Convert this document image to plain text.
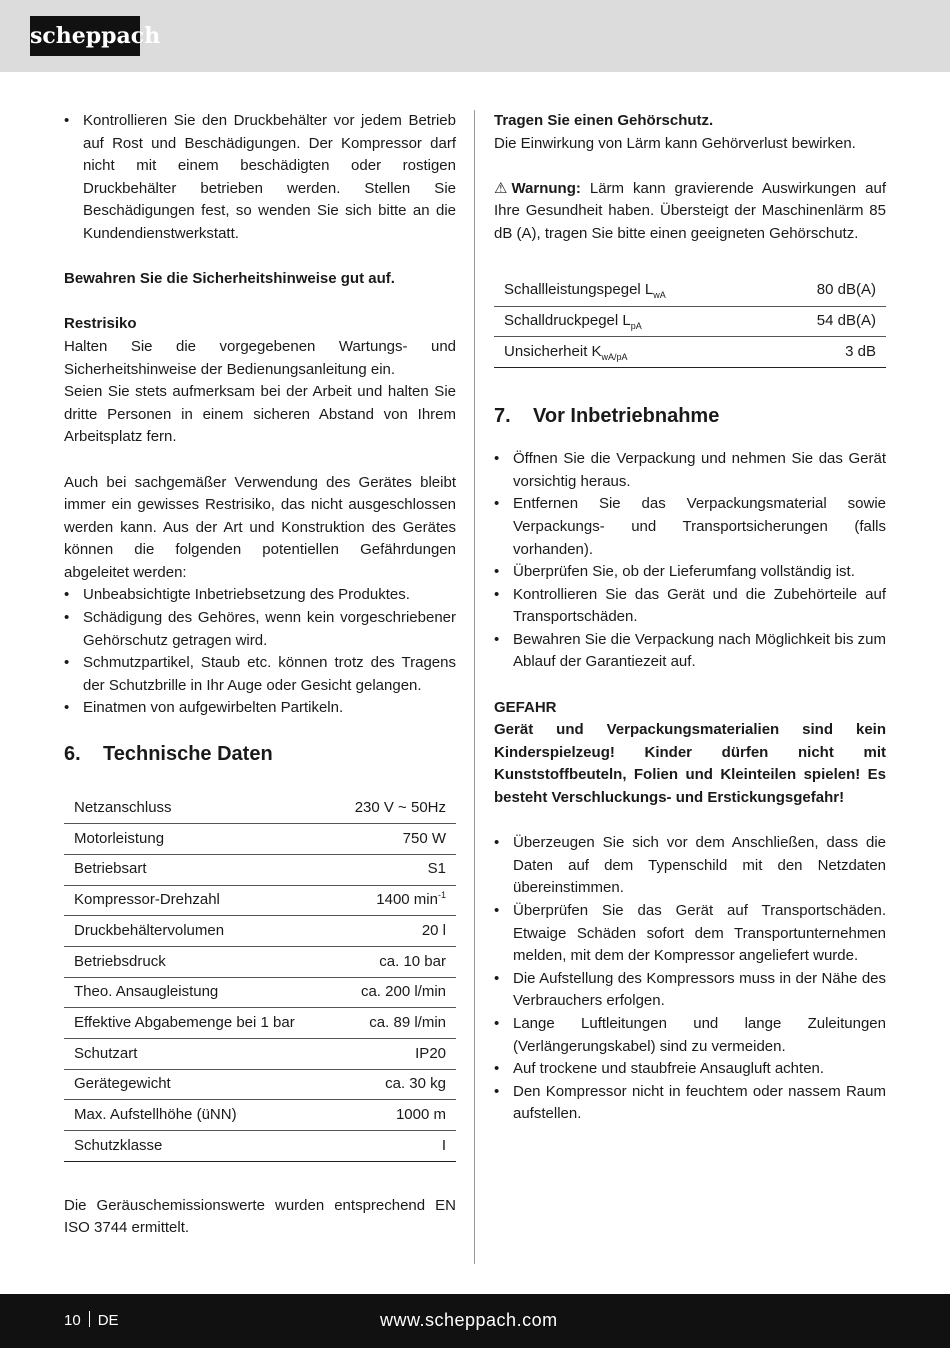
scheppach
• Kontrollieren Sie den Druckbehälter vor jedem Betrieb auf Rost und Beschädigungen. Der Kompressor darf nicht mit einem beschädigten oder rostigen Druckbehälter betrieben werden. Stellen Sie Beschädigungen fest, so wenden Sie sich bitte an die Kundendienstwerkstatt.

Bewahren Sie die Sicherheitshinweise gut auf.

Restrisiko

Halten Sie die vorgegebenen Wartungs- und Sicherheitshinweise der Bedienungsanleitung ein.

Seien Sie stets aufmerksam bei der Arbeit und halten Sie dritte Personen in einem sicheren Abstand von Ihrem Arbeitsplatz fern.

Auch bei sachgemäßer Verwendung des Gerätes bleibt immer ein gewisses Restrisiko, das nicht ausgeschlossen werden kann. Aus der Art und Konstruktion des Gerätes können die folgenden potentiellen Gefährdungen abgeleitet werden:

• Unbeabsichtigte Inbetriebsetzung des Produktes.
• Schädigung des Gehöres, wenn kein vorgeschriebener Gehörschutz getragen wird.
• Schmutzpartikel, Staub etc. können trotz des Tragens der Schutzbrille in Ihr Auge oder Gesicht gelangen.
• Einatmen von aufgewirbelten Partikeln.
6.	Technische Daten
Netzanschluss	230 V ~ 50Hz
Motorleistung	750 W
Betriebsart	S1
Kompressor-Drehzahl	1400 $\min^{-1}$
Druckbehältervolumen	20 l
Betriebsdruck	ca. 10 bar
Theo. Ansaugleistung	ca. 200 l/min
Effektive Abgabemenge bei 1 bar	ca. 89 l/min
Schutzart	IP20
Gerätegewicht	ca. 30 kg
Max. Aufstellhöhe (üNN)	1000 m
Schutzklasse	I

Die Geräuschemissionswerte wurden entsprechend EN ISO 3744 ermittelt.

Tragen Sie einen Gehörschutz.

Die Einwirkung von Lärm kann Gehörverlust bewirken.

⚠ Warnung: Lärm kann gravierende Auswirkungen auf Ihre Gesundheit haben. Übersteigt der Maschinenlärm 85 dB (A), tragen Sie bitte einen geeigneten Gehörschutz.

Schallleistungspegel $L_{wA}$	80 dB(A)
Schalldruckpegel $L_{pA}$	54 dB(A)
Unsicherheit $K_{wA/pA}$	3 dB
7.	Vor Inbetriebnahme
• Öffnen Sie die Verpackung und nehmen Sie das Gerät vorsichtig heraus.
• Entfernen Sie das Verpackungsmaterial sowie Verpackungs- und Transportsicherungen (falls vorhanden).
• Überprüfen Sie, ob der Lieferumfang vollständig ist.
• Kontrollieren Sie das Gerät und die Zubehörteile auf Transportschäden.
• Bewahren Sie die Verpackung nach Möglichkeit bis zum Ablauf der Garantiezeit auf.

GEFAHR

Gerät und Verpackungsmaterialien sind kein Kinderspielzeug! Kinder dürfen nicht mit Kunststoffbeuteln, Folien und Kleinteilen spielen! Es besteht Verschluckungs- und Erstickungsgefahr!

• Überzeugen Sie sich vor dem Anschließen, dass die Daten auf dem Typenschild mit den Netzdaten übereinstimmen.
• Überprüfen Sie das Gerät auf Transportschäden. Etwaige Schäden sofort dem Transportunternehmen melden, mit dem der Kompressor angeliefert wurde.
• Die Aufstellung des Kompressors muss in der Nähe des Verbrauchers erfolgen.
• Lange Luftleitungen und lange Zuleitungen (Verlängerungskabel) sind zu vermeiden.
• Auf trockene und staubfreie Ansaugluft achten.
• Den Kompressor nicht in feuchtem oder nassem Raum aufstellen.
10 DE	www.scheppach.com
